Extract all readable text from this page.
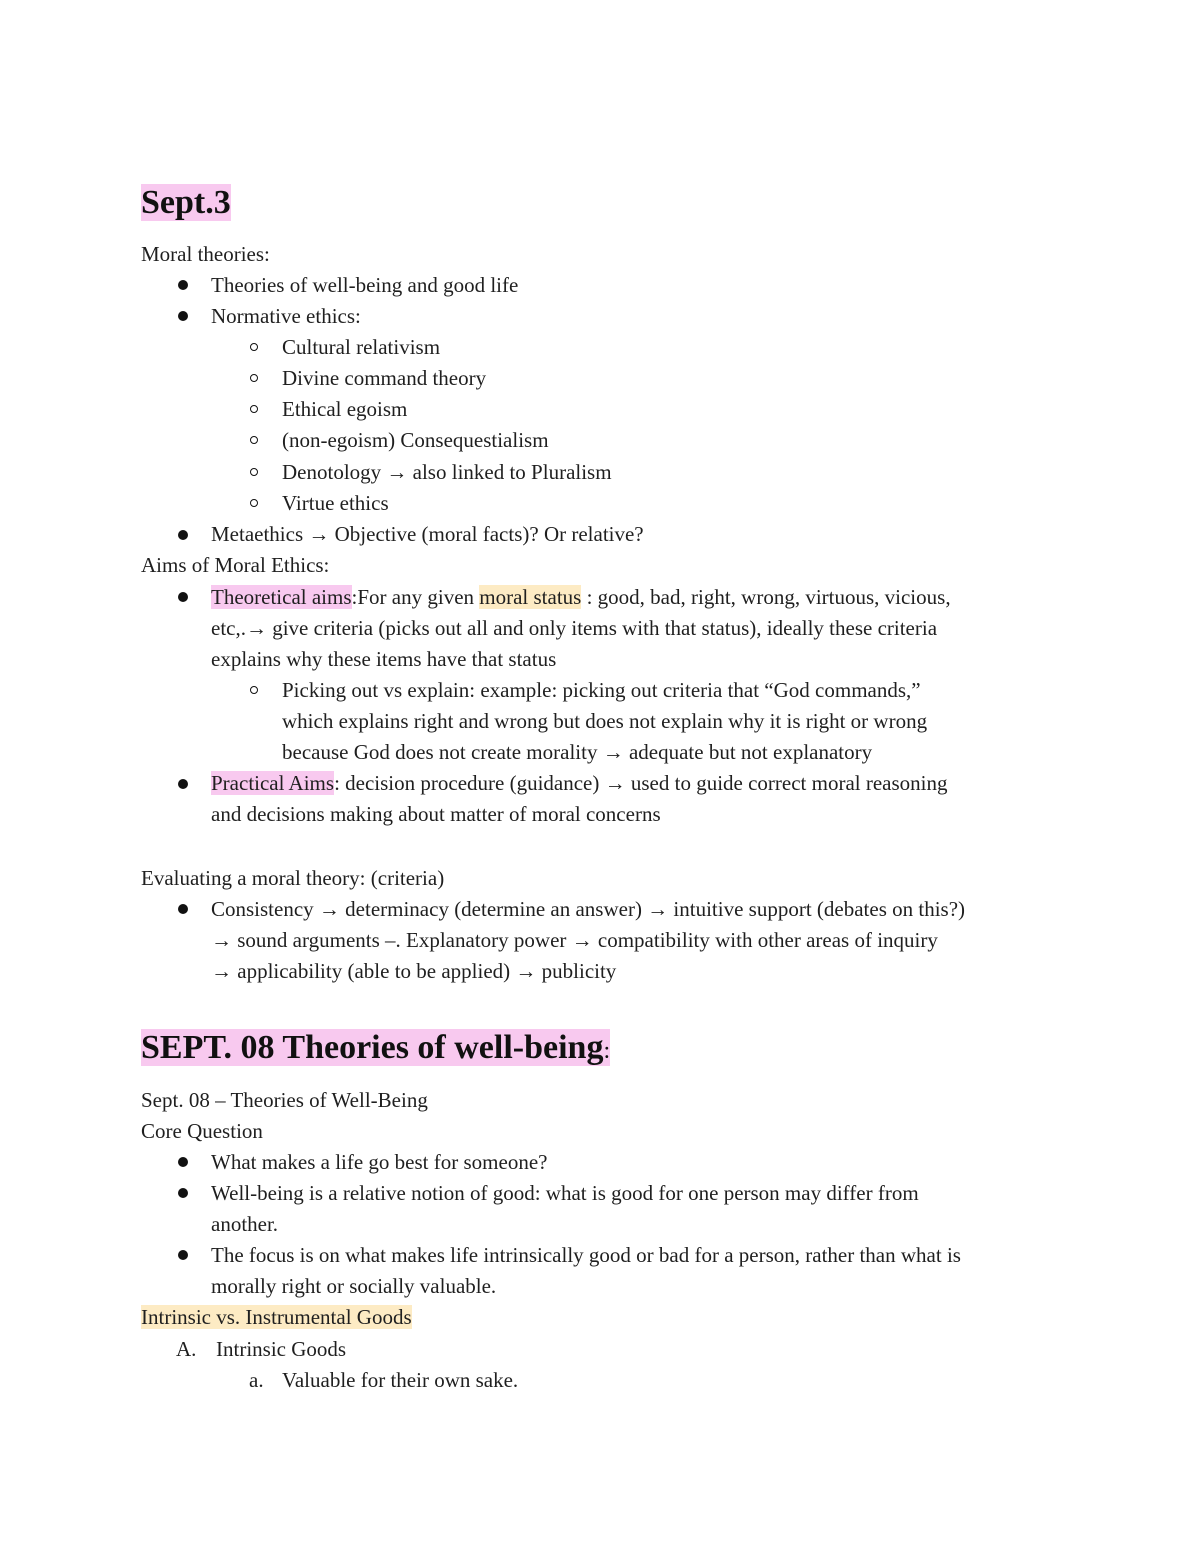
Sept.3
Moral theories:
Theories of well-being and good life
Normative ethics:
Cultural relativism
Divine command theory
Ethical egoism
(non-egoism) Consequestialism
Denotology → also linked to Pluralism
Virtue ethics
Metaethics → Objective (moral facts)? Or relative?
Aims of Moral Ethics:
Theoretical aims:For any given moral status : good, bad, right, wrong, virtuous, vicious,
etc,.→ give criteria (picks out all and only items with that status), ideally these criteria
explains why these items have that status
Picking out vs explain: example: picking out criteria that “God commands,”
which explains right and wrong but does not explain why it is right or wrong
because God does not create morality → adequate but not explanatory
Practical Aims: decision procedure (guidance) → used to guide correct moral reasoning
and decisions making about matter of moral concerns
Evaluating a moral theory: (criteria)
Consistency → determinacy (determine an answer) → intuitive support (debates on this?)
→ sound arguments –. Explanatory power → compatibility with other areas of inquiry
→ applicability (able to be applied) → publicity
SEPT. 08 Theories of well-being:
Sept. 08 – Theories of Well-Being
Core Question
What makes a life go best for someone?
Well-being is a relative notion of good: what is good for one person may differ from
another.
The focus is on what makes life intrinsically good or bad for a person, rather than what is
morally right or socially valuable.
Intrinsic vs. Instrumental Goods
A. Intrinsic Goods
a. Valuable for their own sake.
